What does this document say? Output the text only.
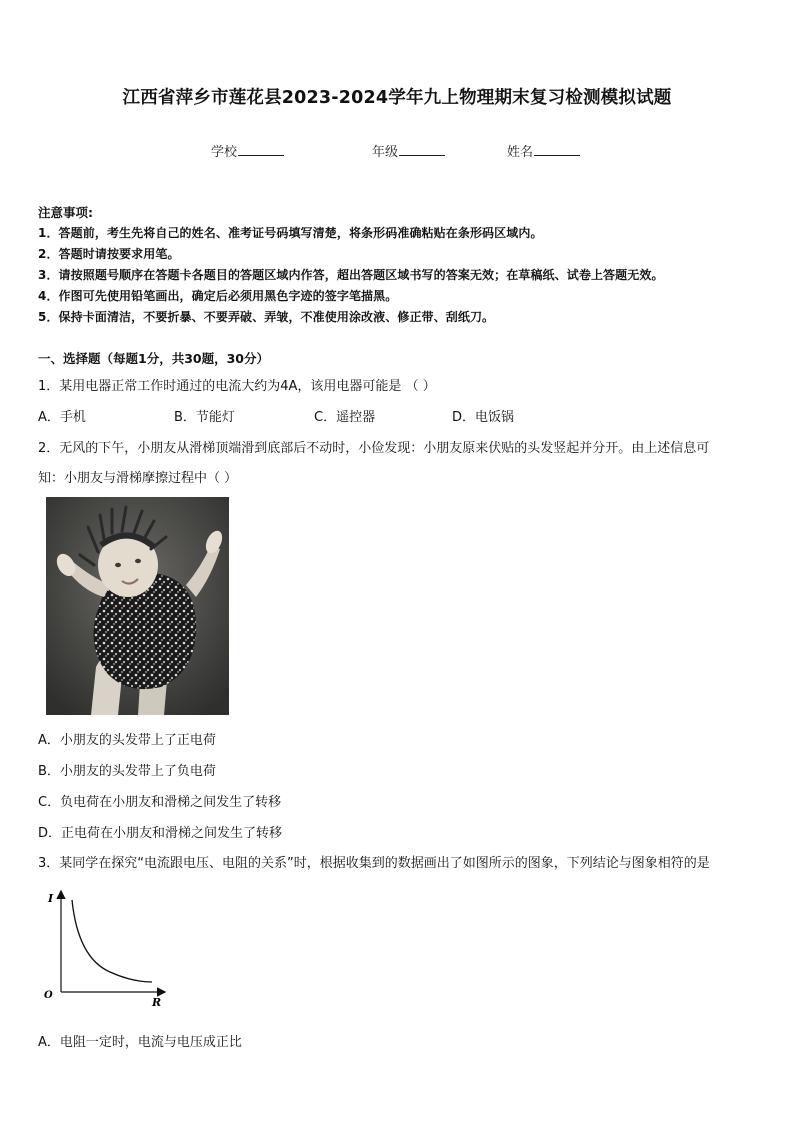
江西省萍乡市莲花县2023-2024学年九上物理期末复习检测模拟试题
学校	年级	姓名
注意事项:
1．答题前，考生先将自己的姓名、准考证号码填写清楚，将条形码准确粘贴在条形码区域内。
2．答题时请按要求用笔。
3．请按照题号顺序在答题卡各题目的答题区域内作答，超出答题区域书写的答案无效；在草稿纸、试卷上答题无效。
4．作图可先使用铅笔画出，确定后必须用黑色字迹的签字笔描黑。
5．保持卡面清洁，不要折暴、不要弄破、弄皱，不准使用涂改液、修正带、刮纸刀。
一、选择题（每题1分，共30题，30分）
1．某用电器正常工作时通过的电流大约为4A，该用电器可能是 （ ）
A．手机	B．节能灯	C．遥控器	D．电饭锅
2．无风的下午，小朋友从滑梯顶端滑到底部后不动时，小俭发现：小朋友原来伏贴的头发竖起并分开。由上述信息可
知：小朋友与滑梯摩擦过程中（ ）
A．小朋友的头发带上了正电荷
B．小朋友的头发带上了负电荷
C．负电荷在小朋友和滑梯之间发生了转移
D．正电荷在小朋友和滑梯之间发生了转移
3．某同学在探究“电流跟电压、电阻的关系”时，根据收集到的数据画出了如图所示的图象，下列结论与图象相符的是
I
R
O
A．电阻一定时，电流与电压成正比
